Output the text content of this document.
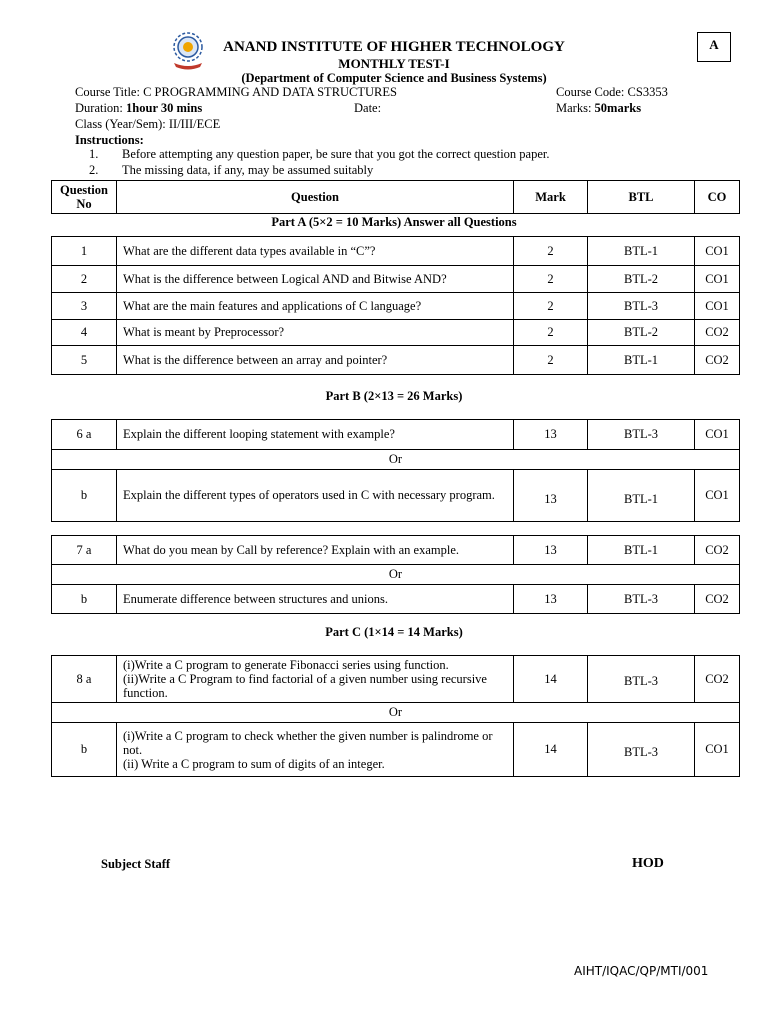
ANAND INSTITUTE OF HIGHER TECHNOLOGY
MONTHLY TEST-I
(Department of Computer Science and Business Systems)
A
Course Title: C PROGRAMMING AND DATA STRUCTURES	Course Code: CS3353
Duration: 1hour 30 mins	Date:	Marks: 50marks
Class (Year/Sem): II/III/ECE
Instructions:
1. Before attempting any question paper, be sure that you got the correct question paper.
2. The missing data, if any, may be assumed suitably
Question No	Question	Mark	BTL	CO
Part A (5×2 = 10 Marks) Answer all Questions
1	What are the different data types available in “C”?	2	BTL-1	CO1
2	What is the difference between Logical AND and Bitwise AND?	2	BTL-2	CO1
3	What are the main features and applications of C language?	2	BTL-3	CO1
4	What is meant by Preprocessor?	2	BTL-2	CO2
5	What is the difference between an array and pointer?	2	BTL-1	CO2
Part B (2×13 = 26 Marks)
6 a	Explain the different looping statement with example?	13	BTL-3	CO1
Or				
b	Explain the different types of operators used in C with necessary program.	13	BTL-1	CO1
7 a	What do you mean by Call by reference? Explain with an example.	13	BTL-1	CO2
Or				
b	Enumerate difference between structures and unions.	13	BTL-3	CO2
Part C (1×14 = 14 Marks)
8 a	(i)Write a C program to generate Fibonacci series using function.
(ii)Write a C Program to find factorial of a given number using recursive function.	14	BTL-3	CO2
Or				
b	(i)Write a C program to check whether the given number is palindrome or not.
(ii) Write a C program to sum of digits of an integer.	14	BTL-3	CO1
Subject Staff	HOD
AIHT/IQAC/QP/MTI/001
